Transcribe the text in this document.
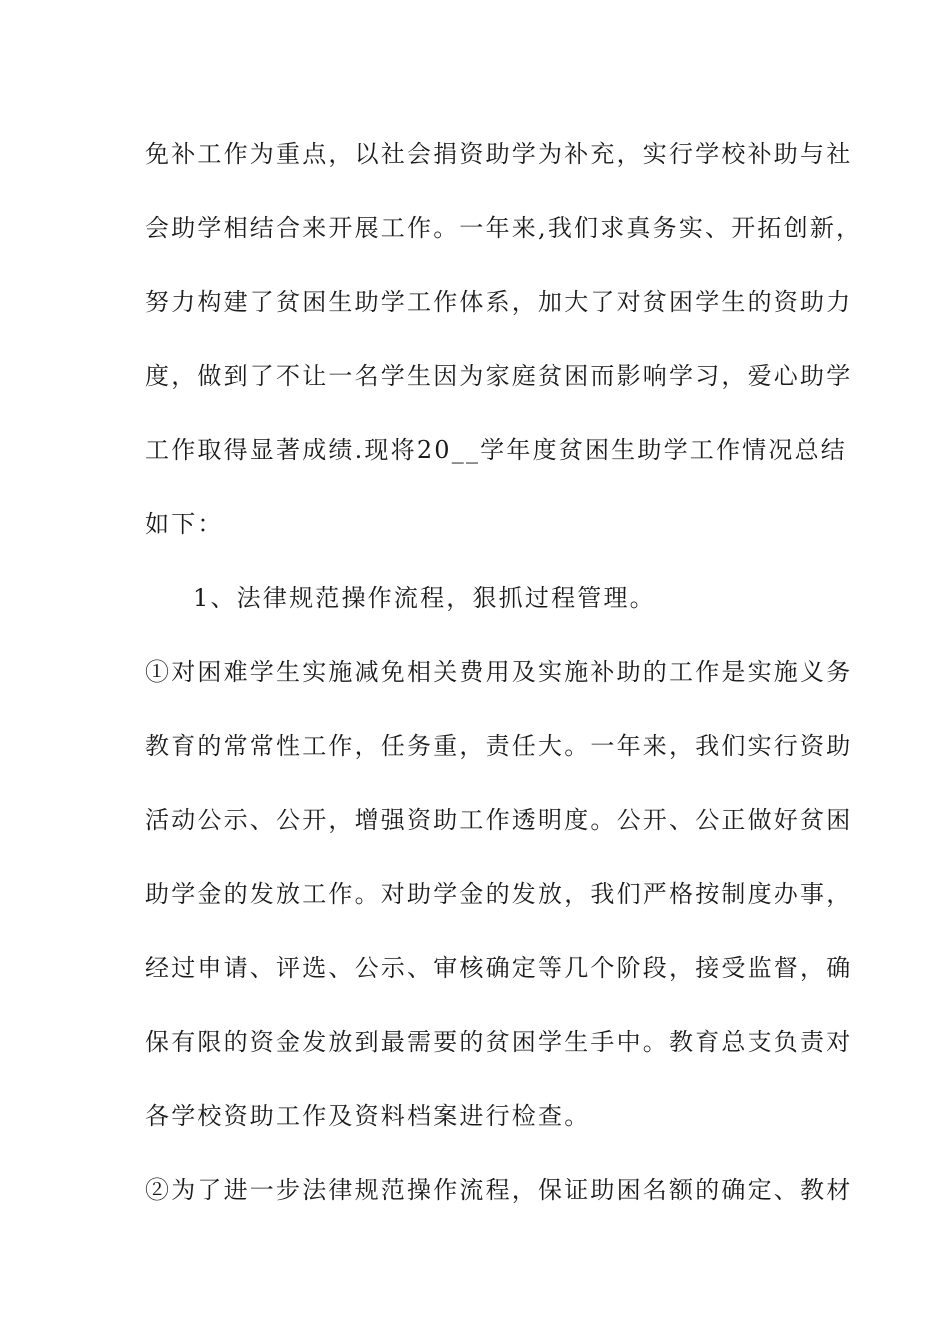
免补工作为重点，以社会捐资助学为补充，实行学校补助与社
会助学相结合来开展工作。一年来,我们求真务实、开拓创新，
努力构建了贫困生助学工作体系，加大了对贫困学生的资助力
度，做到了不让一名学生因为家庭贫困而影响学习，爱心助学
工作取得显著成绩.现将20__学年度贫困生助学工作情况总结
如下：
1、法律规范操作流程，狠抓过程管理。
①对困难学生实施减免相关费用及实施补助的工作是实施义务
教育的常常性工作，任务重，责任大。一年来，我们实行资助
活动公示、公开，增强资助工作透明度。公开、公正做好贫困
助学金的发放工作。对助学金的发放，我们严格按制度办事，
经过申请、评选、公示、审核确定等几个阶段，接受监督，确
保有限的资金发放到最需要的贫困学生手中。教育总支负责对
各学校资助工作及资料档案进行检查。
②为了进一步法律规范操作流程，保证助困名额的确定、教材
